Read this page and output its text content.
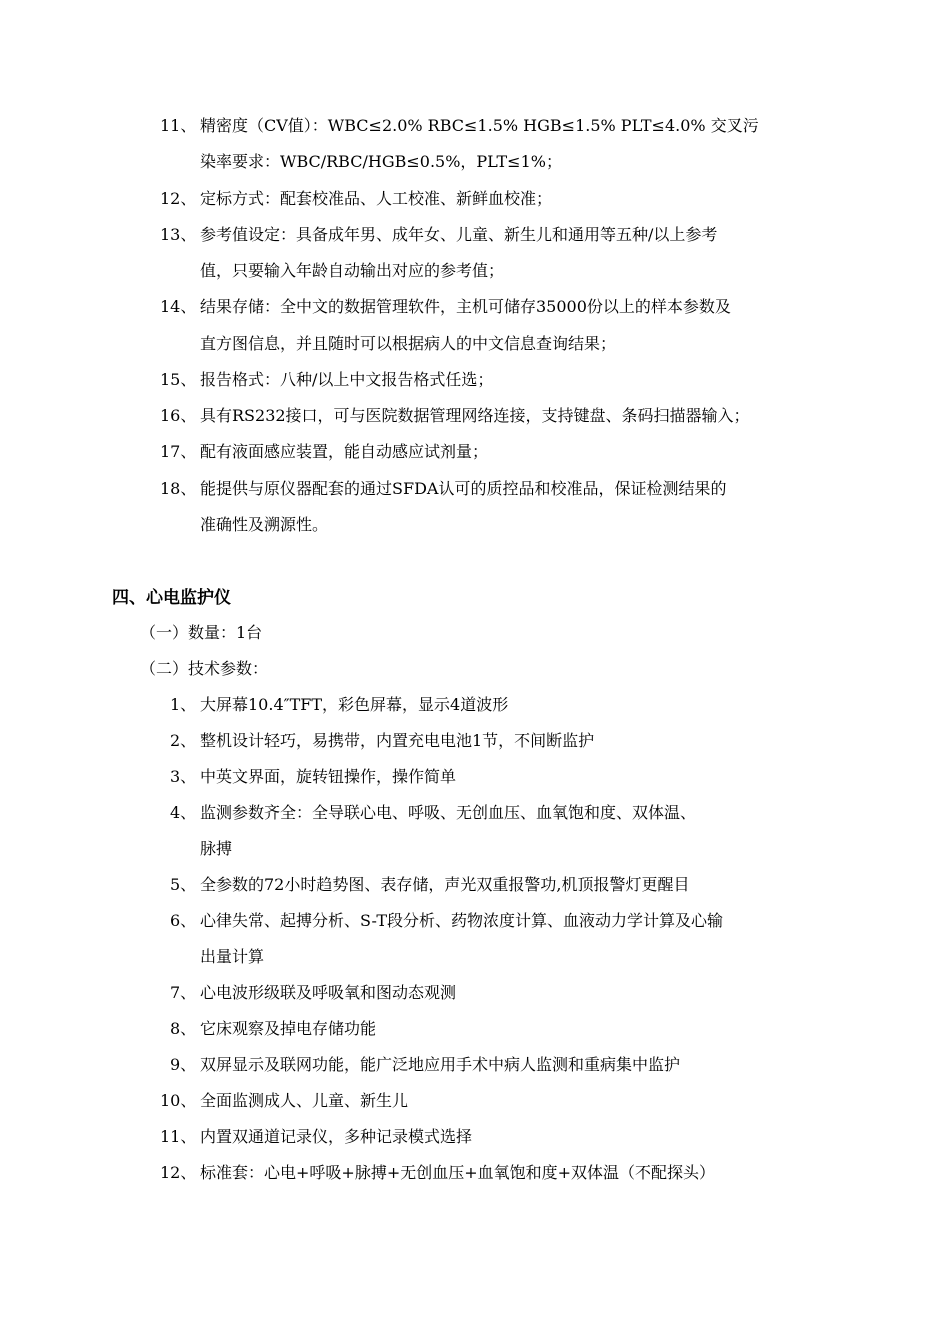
11、 精密度（CV值）：WBC≤2.0% RBC≤1.5% HGB≤1.5% PLT≤4.0% 交叉污
染率要求：WBC/RBC/HGB≤0.5%，PLT≤1%；
12、 定标方式：配套校准品、人工校准、新鲜血校准；
13、 参考值设定：具备成年男、成年女、儿童、新生儿和通用等五种/以上参考
值，只要输入年龄自动输出对应的参考值；
14、 结果存储：全中文的数据管理软件，主机可储存35000份以上的样本参数及
直方图信息，并且随时可以根据病人的中文信息查询结果；
15、 报告格式：八种/以上中文报告格式任选；
16、 具有RS232接口，可与医院数据管理网络连接，支持键盘、条码扫描器输入；
17、 配有液面感应装置，能自动感应试剂量；
18、 能提供与原仪器配套的通过SFDA认可的质控品和校准品，保证检测结果的
准确性及溯源性。
四、心电监护仪
（一）数量：1台
（二）技术参数：
1、 大屏幕10.4″TFT，彩色屏幕，显示4道波形
2、 整机设计轻巧，易携带，内置充电电池1节，不间断监护
3、 中英文界面，旋转钮操作，操作简单
4、 监测参数齐全：全导联心电、呼吸、无创血压、血氧饱和度、双体温、
脉搏
5、 全参数的72小时趋势图、表存储，声光双重报警功,机顶报警灯更醒目
6、 心律失常、起搏分析、S-T段分析、药物浓度计算、血液动力学计算及心输
出量计算
7、 心电波形级联及呼吸氧和图动态观测
8、 它床观察及掉电存储功能
9、 双屏显示及联网功能，能广泛地应用手术中病人监测和重病集中监护
10、 全面监测成人、儿童、新生儿
11、 内置双通道记录仪，多种记录模式选择
12、 标准套：心电+呼吸+脉搏+无创血压+血氧饱和度+双体温（不配探头）
